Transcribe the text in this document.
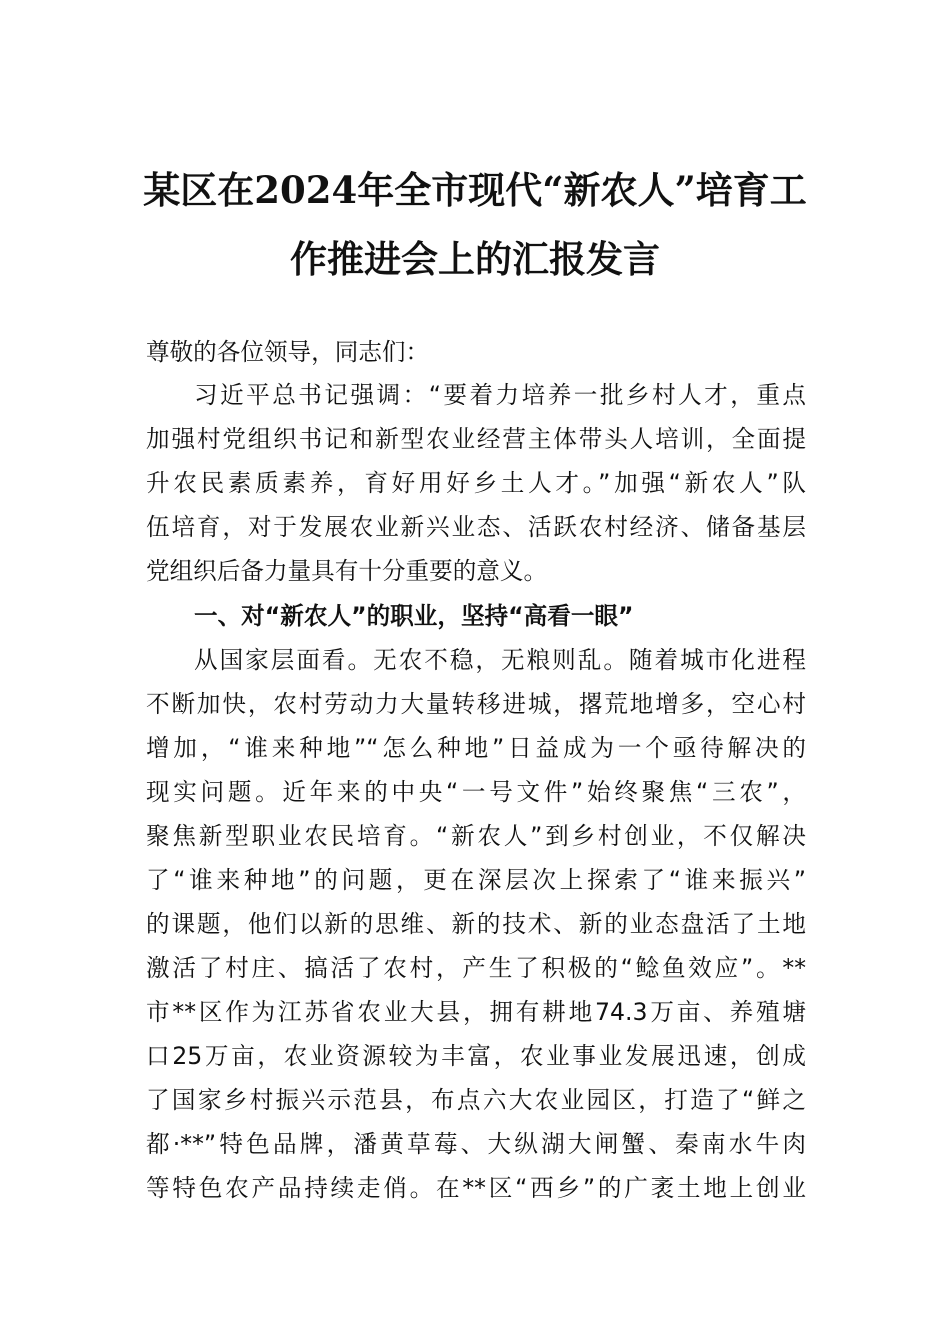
某区在2024年全市现代“新农人”培育工
作推进会上的汇报发言

尊敬的各位领导，同志们：

习近平总书记强调：“要着力培养一批乡村人才，重点

加强村党组织书记和新型农业经营主体带头人培训，全面提

升农民素质素养，育好用好乡土人才。”加强“新农人”队

伍培育，对于发展农业新兴业态、活跃农村经济、储备基层

党组织后备力量具有十分重要的意义。

一、对“新农人”的职业，坚持“高看一眼”

从国家层面看。无农不稳，无粮则乱。随着城市化进程

不断加快，农村劳动力大量转移进城，撂荒地增多，空心村

增加，“谁来种地”“怎么种地”日益成为一个亟待解决的

现实问题。近年来的中央“一号文件”始终聚焦“三农”，

聚焦新型职业农民培育。“新农人”到乡村创业，不仅解决

了“谁来种地”的问题，更在深层次上探索了“谁来振兴”

的课题，他们以新的思维、新的技术、新的业态盘活了土地

激活了村庄、搞活了农村，产生了积极的“鲶鱼效应”。**

市**区作为江苏省农业大县，拥有耕地74.3万亩、养殖塘

口25万亩，农业资源较为丰富，农业事业发展迅速，创成

了国家乡村振兴示范县，布点六大农业园区，打造了“鲜之

都·**”特色品牌，潘黄草莓、大纵湖大闸蟹、秦南水牛肉

等特色农产品持续走俏。在**区“西乡”的广袤土地上创业
